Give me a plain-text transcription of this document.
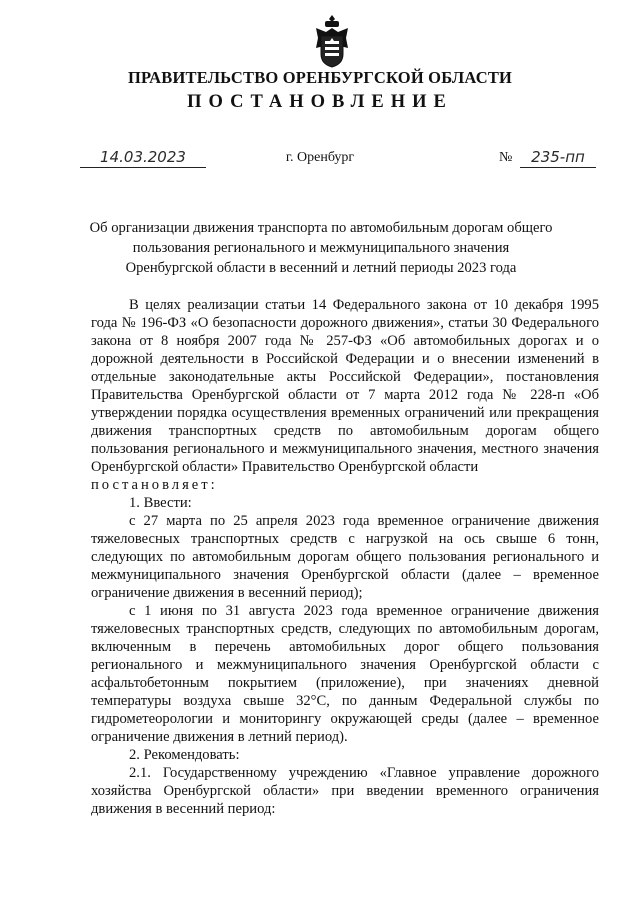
ПРАВИТЕЛЬСТВО ОРЕНБУРГСКОЙ ОБЛАСТИ
ПОСТАНОВЛЕНИЕ
14.03.2023	г. Оренбург	№	235-пп
Об организации движения транспорта по автомобильным дорогам общего пользования регионального и межмуниципального значения Оренбургской области в весенний и летний периоды 2023 года

В целях реализации статьи 14 Федерального закона от 10 декабря 1995 года № 196-ФЗ «О безопасности дорожного движения», статьи 30 Федерального закона от 8 ноября 2007 года № 257-ФЗ «Об автомобильных дорогах и о дорожной деятельности в Российской Федерации и о внесении изменений в отдельные законодательные акты Российской Федерации», постановления Правительства Оренбургской области от 7 марта 2012 года № 228-п «Об утверждении порядка осуществления временных ограничений или прекращения движения транспортных средств по автомобильным дорогам общего пользования регионального и межмуниципального значения, местного значения Оренбургской области» Правительство Оренбургской области

постановляет:

1. Ввести:

с 27 марта по 25 апреля 2023 года временное ограничение движения тяжеловесных транспортных средств с нагрузкой на ось свыше 6 тонн, следующих по автомобильным дорогам общего пользования регионального и межмуниципального значения Оренбургской области (далее – временное ограничение движения в весенний период);

с 1 июня по 31 августа 2023 года временное ограничение движения тяжеловесных транспортных средств, следующих по автомобильным дорогам, включенным в перечень автомобильных дорог общего пользования регионального и межмуниципального значения Оренбургской области с асфальтобетонным покрытием (приложение), при значениях дневной температуры воздуха свыше 32°С, по данным Федеральной службы по гидрометеорологии и мониторингу окружающей среды (далее – временное ограничение движения в летний период).

2. Рекомендовать:

2.1. Государственному учреждению «Главное управление дорожного хозяйства Оренбургской области» при введении временного ограничения движения в весенний период:
